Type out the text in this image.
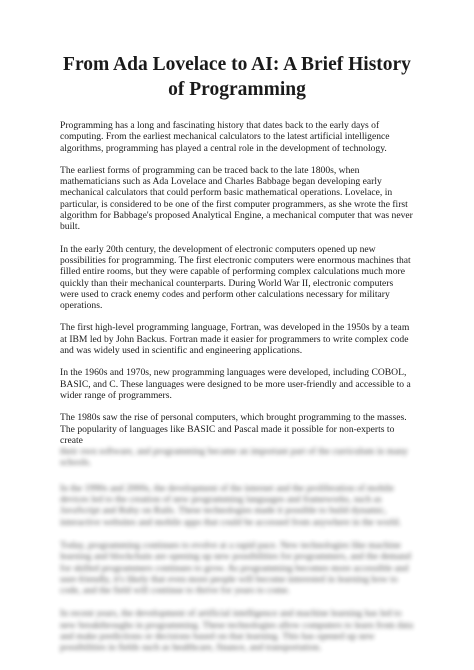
From Ada Lovelace to AI: A Brief History of Programming

Programming has a long and fascinating history that dates back to the early days of computing. From the earliest mechanical calculators to the latest artificial intelligence algorithms, programming has played a central role in the development of technology.

The earliest forms of programming can be traced back to the late 1800s, when mathematicians such as Ada Lovelace and Charles Babbage began developing early mechanical calculators that could perform basic mathematical operations. Lovelace, in particular, is considered to be one of the first computer programmers, as she wrote the first algorithm for Babbage's proposed Analytical Engine, a mechanical computer that was never built.

In the early 20th century, the development of electronic computers opened up new possibilities for programming. The first electronic computers were enormous machines that filled entire rooms, but they were capable of performing complex calculations much more quickly than their mechanical counterparts. During World War II, electronic computers were used to crack enemy codes and perform other calculations necessary for military operations.

The first high-level programming language, Fortran, was developed in the 1950s by a team at IBM led by John Backus. Fortran made it easier for programmers to write complex code and was widely used in scientific and engineering applications.

In the 1960s and 1970s, new programming languages were developed, including COBOL, BASIC, and C. These languages were designed to be more user-friendly and accessible to a wider range of programmers.

The 1980s saw the rise of personal computers, which brought programming to the masses. The popularity of languages like BASIC and Pascal made it possible for non-experts to create

their own software, and programming became an important part of the curriculum in many schools.

In the 1990s and 2000s, the development of the internet and the proliferation of mobile devices led to the creation of new programming languages and frameworks, such as JavaScript and Ruby on Rails. These technologies made it possible to build dynamic, interactive websites and mobile apps that could be accessed from anywhere in the world.

Today, programming continues to evolve at a rapid pace. New technologies like machine learning and blockchain are opening up new possibilities for programmers, and the demand for skilled programmers continues to grow. As programming becomes more accessible and user-friendly, it's likely that even more people will become interested in learning how to code, and the field will continue to thrive for years to come.

In recent years, the development of artificial intelligence and machine learning has led to new breakthroughs in programming. These technologies allow computers to learn from data and make predictions or decisions based on that learning. This has opened up new possibilities in fields such as healthcare, finance, and transportation.
